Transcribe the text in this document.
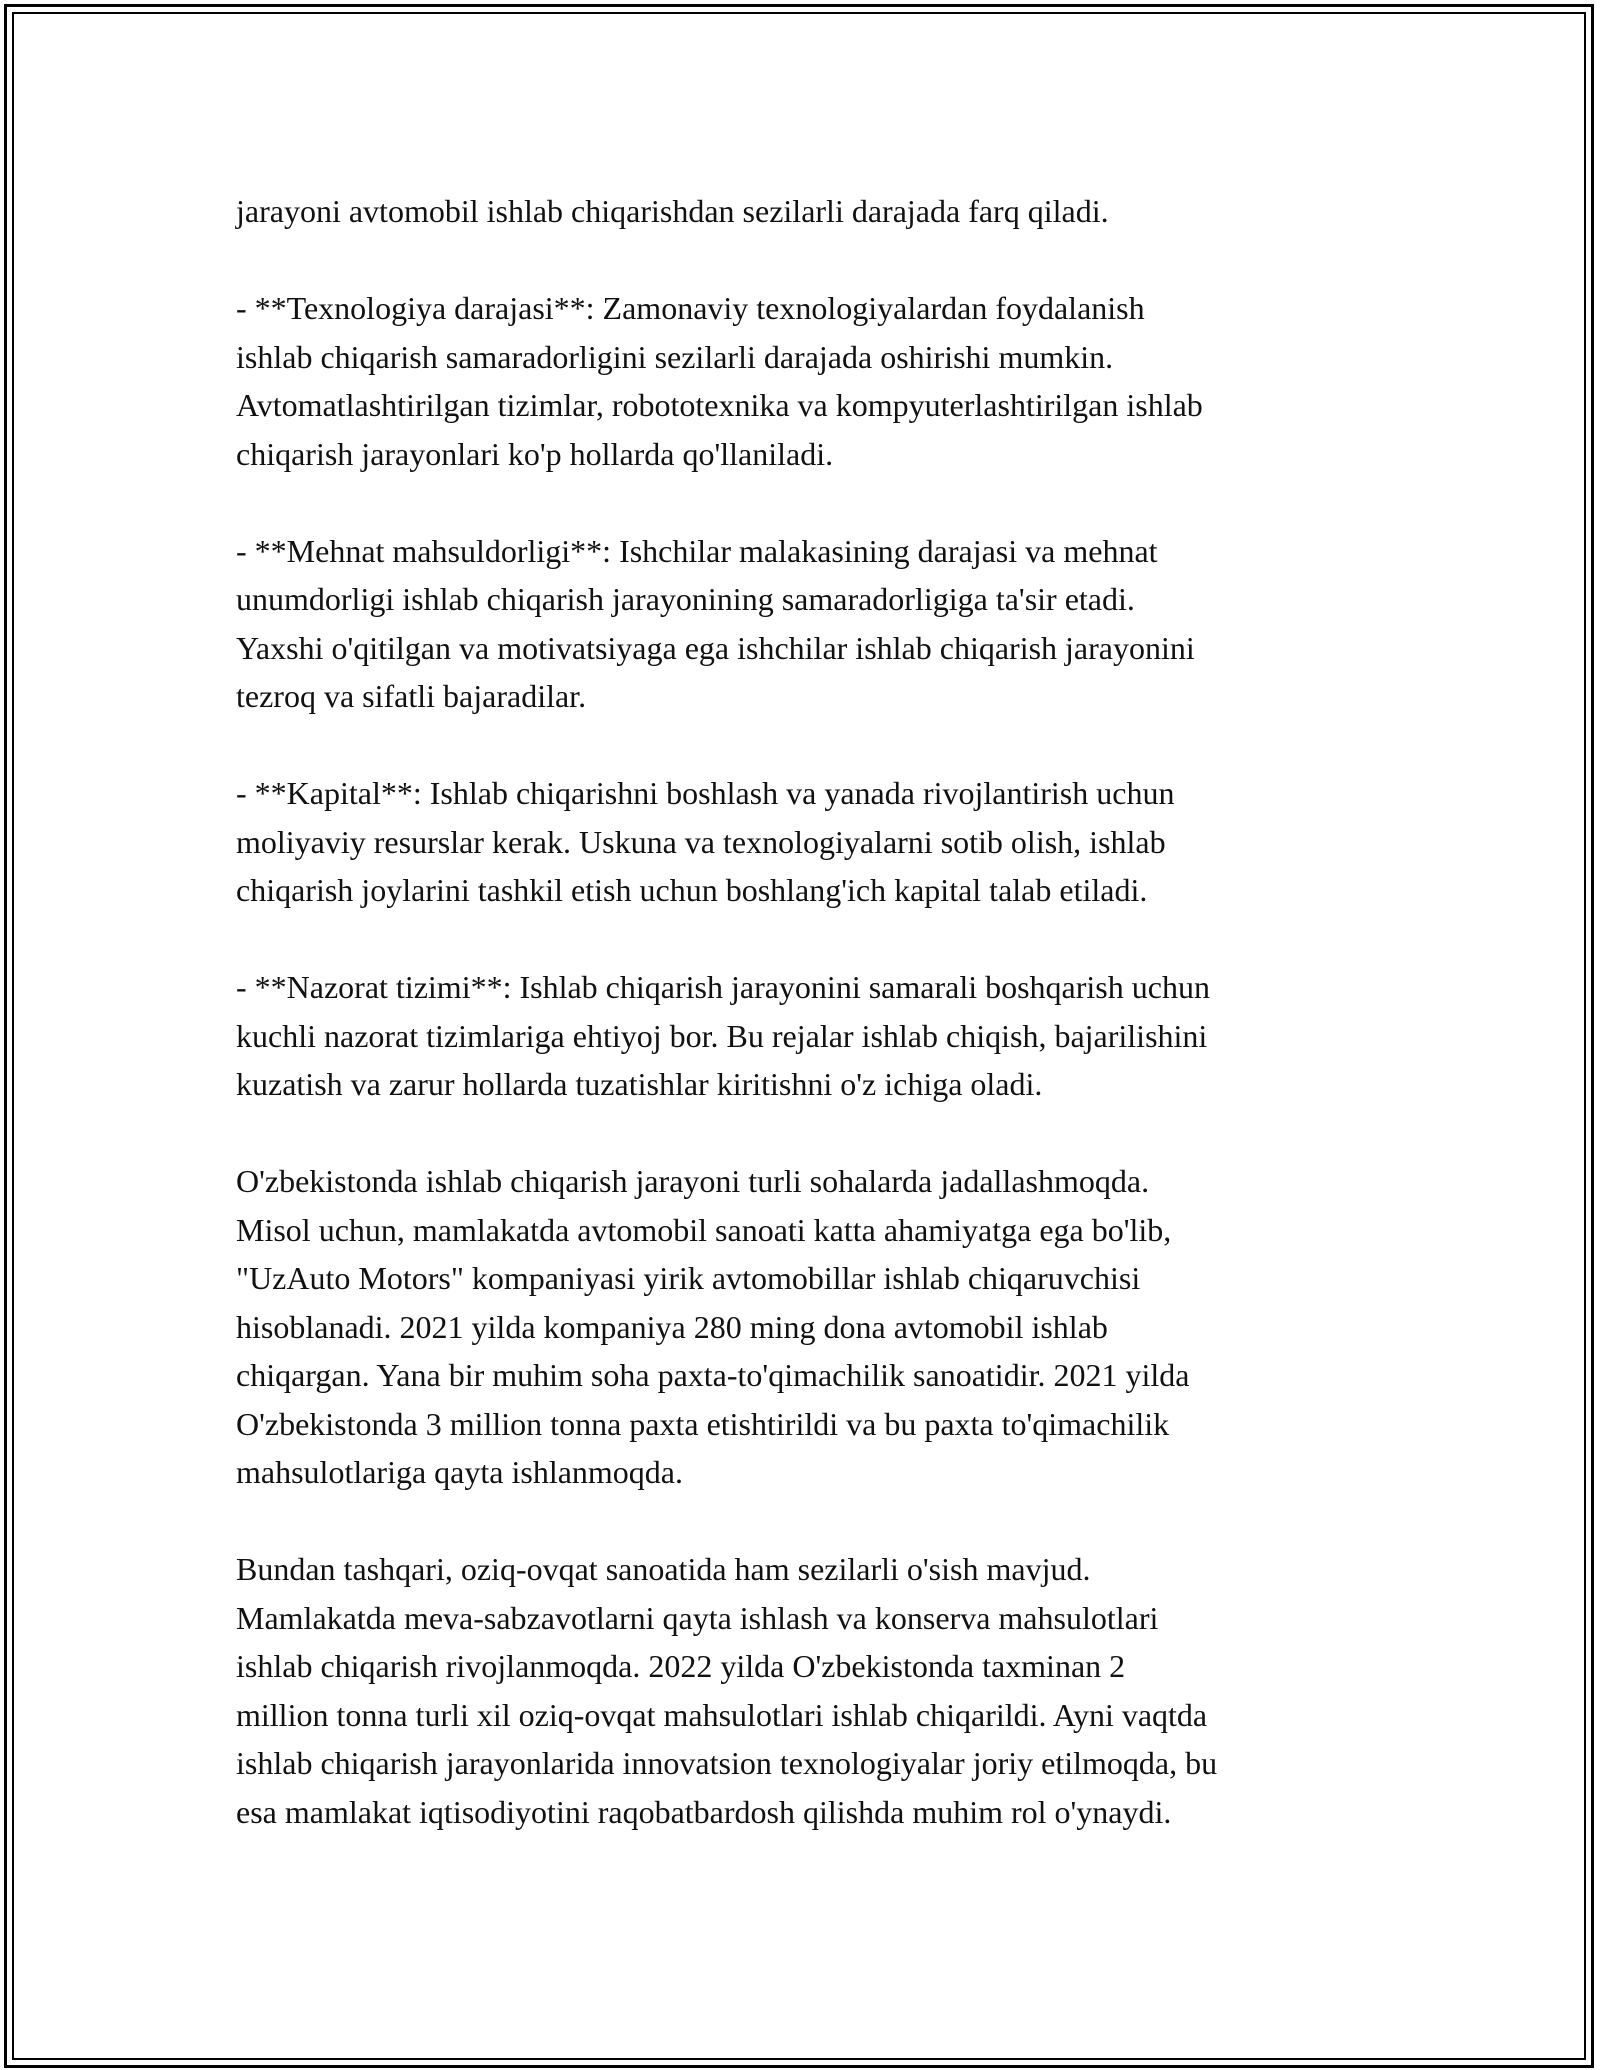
jarayoni avtomobil ishlab chiqarishdan sezilarli darajada farq qiladi.

- **Texnologiya darajasi**: Zamonaviy texnologiyalardan foydalanish
ishlab chiqarish samaradorligini sezilarli darajada oshirishi mumkin.
Avtomatlashtirilgan tizimlar, robototexnika va kompyuterlashtirilgan ishlab
chiqarish jarayonlari ko'p hollarda qo'llaniladi.

- **Mehnat mahsuldorligi**: Ishchilar malakasining darajasi va mehnat
unumdorligi ishlab chiqarish jarayonining samaradorligiga ta'sir etadi.
Yaxshi o'qitilgan va motivatsiyaga ega ishchilar ishlab chiqarish jarayonini
tezroq va sifatli bajaradilar.

- **Kapital**: Ishlab chiqarishni boshlash va yanada rivojlantirish uchun
moliyaviy resurslar kerak. Uskuna va texnologiyalarni sotib olish, ishlab
chiqarish joylarini tashkil etish uchun boshlang'ich kapital talab etiladi.

- **Nazorat tizimi**: Ishlab chiqarish jarayonini samarali boshqarish uchun
kuchli nazorat tizimlariga ehtiyoj bor. Bu rejalar ishlab chiqish, bajarilishini
kuzatish va zarur hollarda tuzatishlar kiritishni o'z ichiga oladi.

O'zbekistonda ishlab chiqarish jarayoni turli sohalarda jadallashmoqda.
Misol uchun, mamlakatda avtomobil sanoati katta ahamiyatga ega bo'lib,
"UzAuto Motors" kompaniyasi yirik avtomobillar ishlab chiqaruvchisi
hisoblanadi. 2021 yilda kompaniya 280 ming dona avtomobil ishlab
chiqargan. Yana bir muhim soha paxta-to'qimachilik sanoatidir. 2021 yilda
O'zbekistonda 3 million tonna paxta etishtirildi va bu paxta to'qimachilik
mahsulotlariga qayta ishlanmoqda.

Bundan tashqari, oziq-ovqat sanoatida ham sezilarli o'sish mavjud.
Mamlakatda meva-sabzavotlarni qayta ishlash va konserva mahsulotlari
ishlab chiqarish rivojlanmoqda. 2022 yilda O'zbekistonda taxminan 2
million tonna turli xil oziq-ovqat mahsulotlari ishlab chiqarildi. Ayni vaqtda
ishlab chiqarish jarayonlarida innovatsion texnologiyalar joriy etilmoqda, bu
esa mamlakat iqtisodiyotini raqobatbardosh qilishda muhim rol o'ynaydi.
